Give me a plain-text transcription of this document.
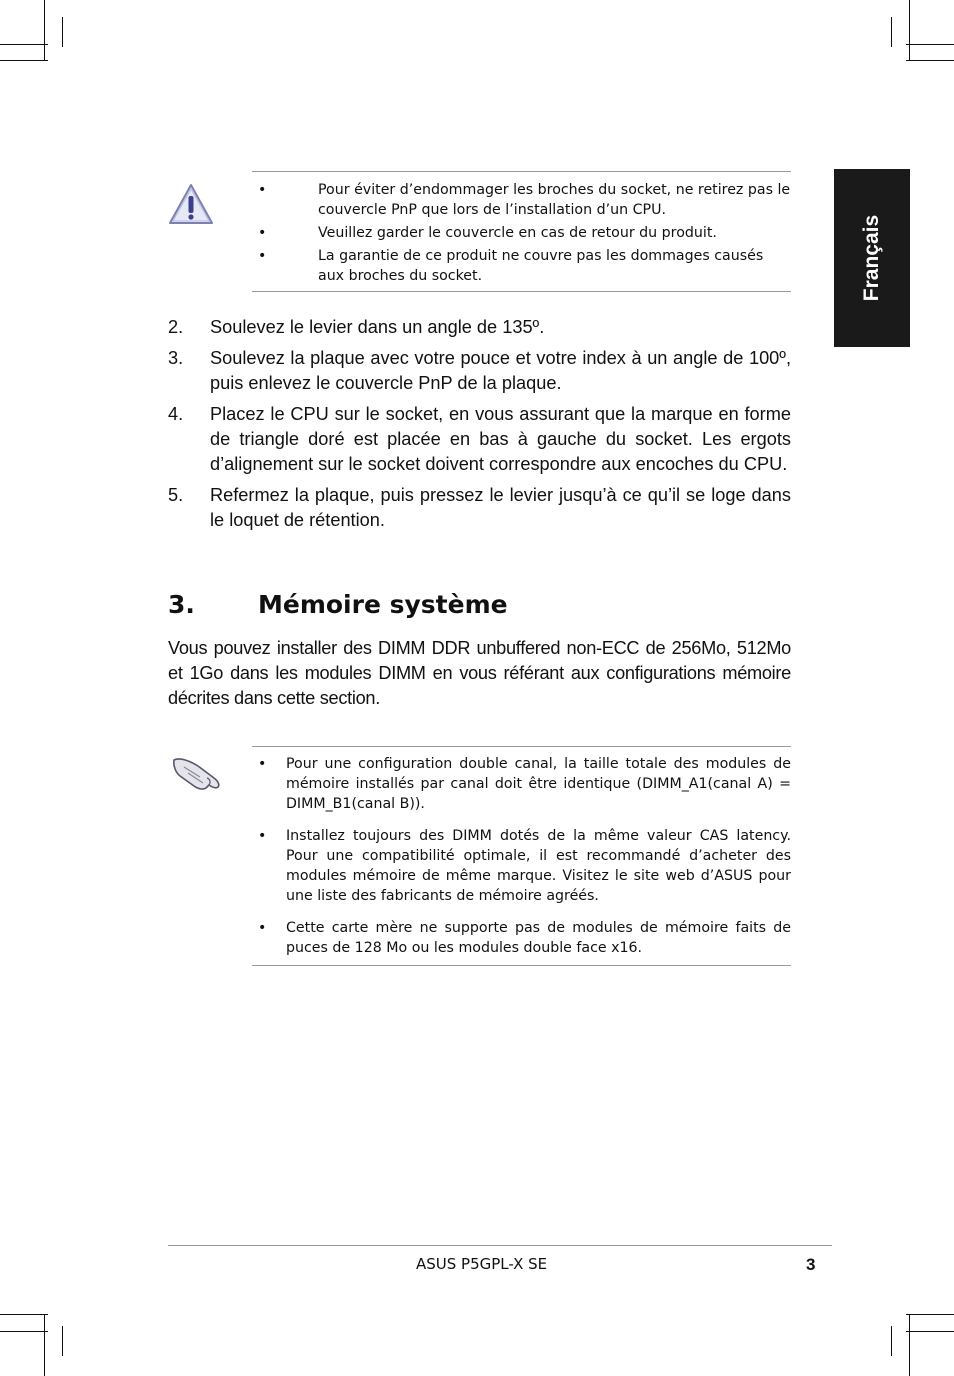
Français
•	Pour éviter d’endommager les broches du socket, ne retirez pas le couvercle PnP que lors de l’installation d’un CPU.
•	Veuillez garder le couvercle en cas de retour du produit.
•	La garantie de ce produit ne couvre pas les dommages causés aux broches du socket.
2. Soulevez le levier dans un angle de 135º.
3. Soulevez la plaque avec votre pouce et votre index à un angle de 100º, puis enlevez le couvercle PnP de la plaque.
4. Placez le CPU sur le socket, en vous assurant que la marque en forme de triangle doré est placée en bas à gauche du socket. Les ergots d’alignement sur le socket doivent correspondre aux encoches du CPU.
5. Refermez la plaque, puis pressez le levier jusqu’à ce qu’il se loge dans le loquet de rétention.
3.	Mémoire système

Vous pouvez installer des DIMM DDR unbuffered non-ECC de 256Mo, 512Mo et 1Go dans les modules DIMM en vous référant aux configurations mémoire décrites dans cette section.

• Pour une configuration double canal, la taille totale des modules de mémoire installés par canal doit être identique (DIMM_A1(canal A) = DIMM_B1(canal B)).
• Installez toujours des DIMM dotés de la même valeur CAS latency. Pour une compatibilité optimale, il est recommandé d’acheter des modules mémoire de même marque. Visitez le site web d’ASUS pour une liste des fabricants de mémoire agréés.
• Cette carte mère ne supporte pas de modules de mémoire faits de puces de 128 Mo ou les modules double face x16.
ASUS P5GPL-X SE	3
